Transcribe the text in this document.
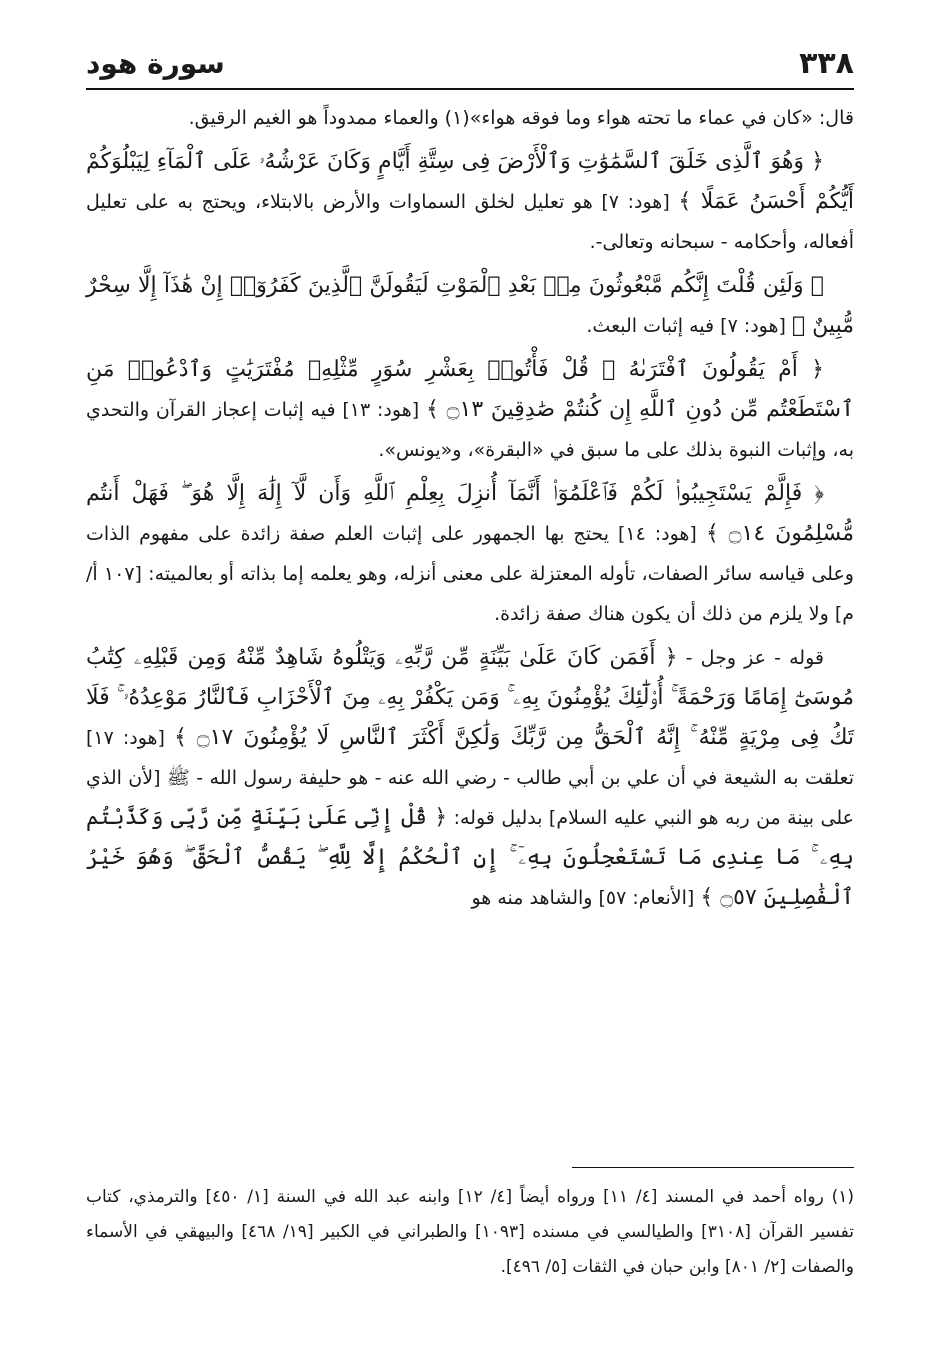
٣٣٨
سورة هود

قال: «كان في عماء ما تحته هواء وما فوقه هواء»(١) والعماء ممدوداً هو الغيم الرقيق.

﴿ وَهُوَ ٱلَّذِى خَلَقَ ٱلسَّمَٰوَٰتِ وَٱلْأَرْضَ فِى سِتَّةِ أَيَّامٍ وَكَانَ عَرْشُهُۥ عَلَى ٱلْمَآءِ لِيَبْلُوَكُمْ أَيُّكُمْ أَحْسَنُ عَمَلًا ﴾ [هود: ٧] هو تعليل لخلق السماوات والأرض بالابتلاء، ويحتج به على تعليل أفعاله، وأحكامه - سبحانه وتعالى-.

﴿ وَلَئِن قُلْتَ إِنَّكُم مَّبْعُوثُونَ مِنۢ بَعْدِ ٱلْمَوْتِ لَيَقُولَنَّ ٱلَّذِينَ كَفَرُوٓا۟ إِنْ هَٰذَآ إِلَّا سِحْرٌ مُّبِينٌ ﴾ [هود: ٧] فيه إثبات البعث.

﴿ أَمْ يَقُولُونَ ٱفْتَرَىٰهُ ۖ قُلْ فَأْتُوا۟ بِعَشْرِ سُوَرٍ مِّثْلِهِۦ مُفْتَرَيَٰتٍ وَٱدْعُوا۟ مَنِ ٱسْتَطَعْتُم مِّن دُونِ ٱللَّهِ إِن كُنتُمْ صَٰدِقِينَ ۝١٣ ﴾ [هود: ١٣] فيه إثبات إعجاز القرآن والتحدي به، وإثبات النبوة بذلك على ما سبق في «البقرة»، و«يونس».

﴿ فَإِلَّمْ يَسْتَجِيبُوا۟ لَكُمْ فَٱعْلَمُوٓا۟ أَنَّمَآ أُنزِلَ بِعِلْمِ ٱللَّهِ وَأَن لَّآ إِلَٰهَ إِلَّا هُوَ ۖ فَهَلْ أَنتُم مُّسْلِمُونَ ۝١٤ ﴾ [هود: ١٤] يحتج بها الجمهور على إثبات العلم صفة زائدة على مفهوم الذات وعلى قياسه سائر الصفات، تأوله المعتزلة على معنى أنزله، وهو يعلمه إما بذاته أو بعالميته: [١٠٧ أ/ م] ولا يلزم من ذلك أن يكون هناك صفة زائدة.

قوله - عز وجل - ﴿ أَفَمَن كَانَ عَلَىٰ بَيِّنَةٍ مِّن رَّبِّهِۦ وَيَتْلُوهُ شَاهِدٌ مِّنْهُ وَمِن قَبْلِهِۦ كِتَٰبُ مُوسَىٰٓ إِمَامًا وَرَحْمَةً ۚ أُو۟لَٰٓئِكَ يُؤْمِنُونَ بِهِۦ ۚ وَمَن يَكْفُرْ بِهِۦ مِنَ ٱلْأَحْزَابِ فَٱلنَّارُ مَوْعِدُهُۥ ۚ فَلَا تَكُ فِى مِرْيَةٍ مِّنْهُ ۚ إِنَّهُ ٱلْحَقُّ مِن رَّبِّكَ وَلَٰكِنَّ أَكْثَرَ ٱلنَّاسِ لَا يُؤْمِنُونَ ۝١٧ ﴾ [هود: ١٧] تعلقت به الشيعة في أن علي بن أبي طالب - رضي الله عنه - هو حليفة رسول الله - ﷺ [لأن الذي على بينة من ربه هو النبي عليه السلام] بدليل قوله: ﴿ قُلْ إِنِّى عَلَىٰ بَيِّنَةٍ مِّن رَّبِّى وَكَذَّبْتُم بِهِۦ ۚ مَا عِندِى مَا تَسْتَعْجِلُونَ بِهِۦٓ ۚ إِنِ ٱلْحُكْمُ إِلَّا لِلَّهِ ۖ يَقُصُّ ٱلْحَقَّ ۖ وَهُوَ خَيْرُ ٱلْفَٰصِلِينَ ۝٥٧ ﴾ [الأنعام: ٥٧] والشاهد منه هو

(١) رواه أحمد في المسند [٤/ ١١] ورواه أيضاً [٤/ ١٢] وابنه عبد الله في السنة [١/ ٤٥٠] والترمذي، كتاب تفسير القرآن [٣١٠٨] والطيالسي في مسنده [١٠٩٣] والطبراني في الكبير [١٩/ ٤٦٨] والبيهقي في الأسماء والصفات [٢/ ٨٠١] وابن حبان في الثقات [٥/ ٤٩٦].
